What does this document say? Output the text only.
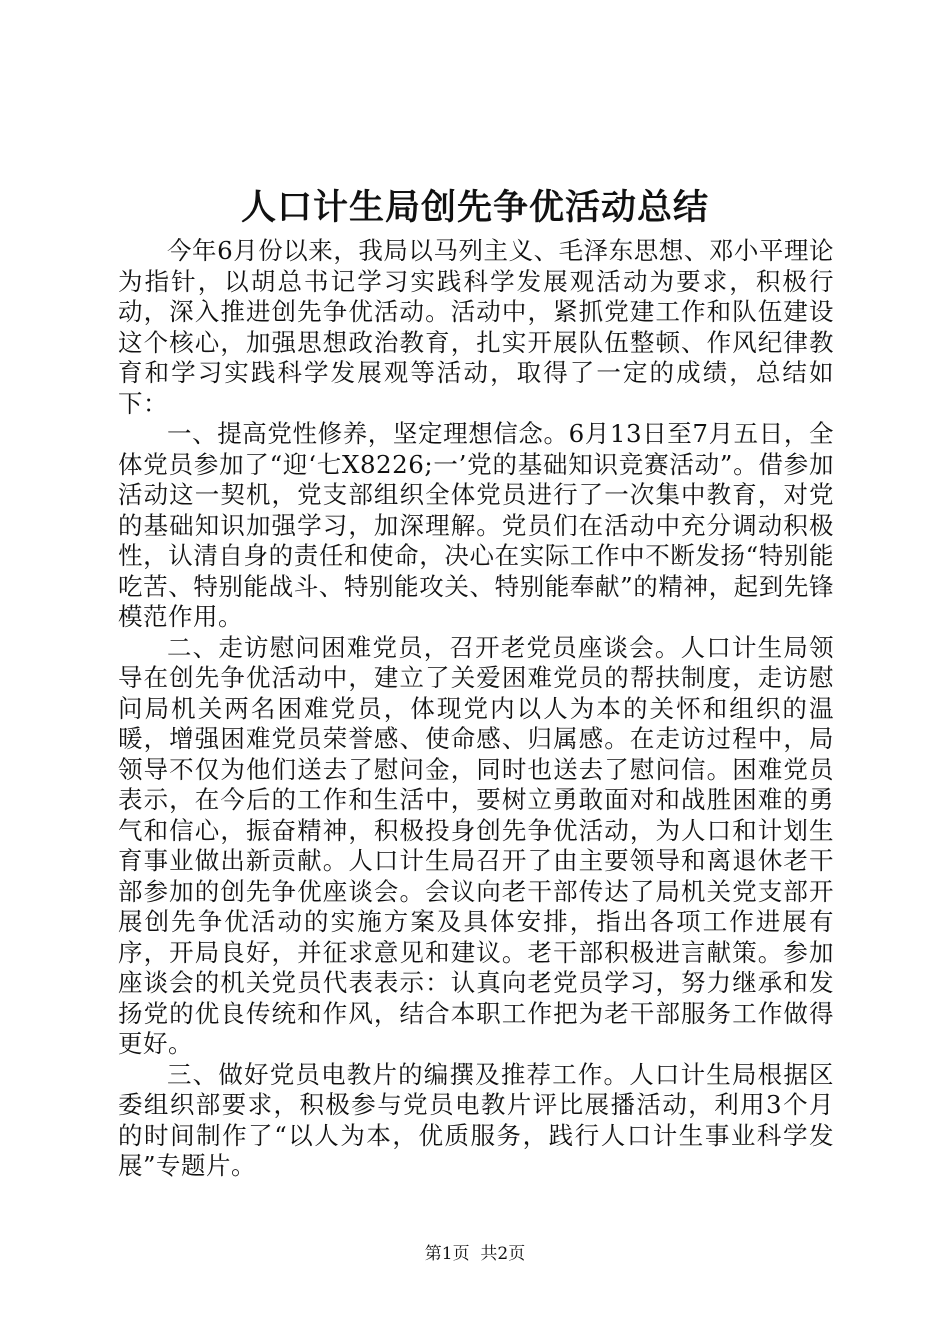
人口计生局创先争优活动总结

今年6月份以来，我局以马列主义、毛泽东思想、邓小平理论为指针，以胡总书记学习实践科学发展观活动为要求，积极行动，深入推进创先争优活动。活动中，紧抓党建工作和队伍建设这个核心，加强思想政治教育，扎实开展队伍整顿、作风纪律教育和学习实践科学发展观等活动，取得了一定的成绩，总结如下：

一、提高党性修养，坚定理想信念。6月13日至7月五日，全体党员参加了“迎‘七X8226;一’党的基础知识竞赛活动”。借参加活动这一契机，党支部组织全体党员进行了一次集中教育，对党的基础知识加强学习，加深理解。党员们在活动中充分调动积极性，认清自身的责任和使命，决心在实际工作中不断发扬“特别能吃苦、特别能战斗、特别能攻关、特别能奉献”的精神，起到先锋模范作用。

二、走访慰问困难党员，召开老党员座谈会。人口计生局领导在创先争优活动中，建立了关爱困难党员的帮扶制度，走访慰问局机关两名困难党员，体现党内以人为本的关怀和组织的温暖，增强困难党员荣誉感、使命感、归属感。在走访过程中，局领导不仅为他们送去了慰问金，同时也送去了慰问信。困难党员表示，在今后的工作和生活中，要树立勇敢面对和战胜困难的勇气和信心，振奋精神，积极投身创先争优活动，为人口和计划生育事业做出新贡献。人口计生局召开了由主要领导和离退休老干部参加的创先争优座谈会。会议向老干部传达了局机关党支部开展创先争优活动的实施方案及具体安排，指出各项工作进展有序，开局良好，并征求意见和建议。老干部积极进言献策。参加座谈会的机关党员代表表示：认真向老党员学习，努力继承和发扬党的优良传统和作风，结合本职工作把为老干部服务工作做得更好。

三、做好党员电教片的编撰及推荐工作。人口计生局根据区委组织部要求，积极参与党员电教片评比展播活动，利用3个月的时间制作了“以人为本，优质服务，践行人口计生事业科学发展”专题片。

第1页  共2页
